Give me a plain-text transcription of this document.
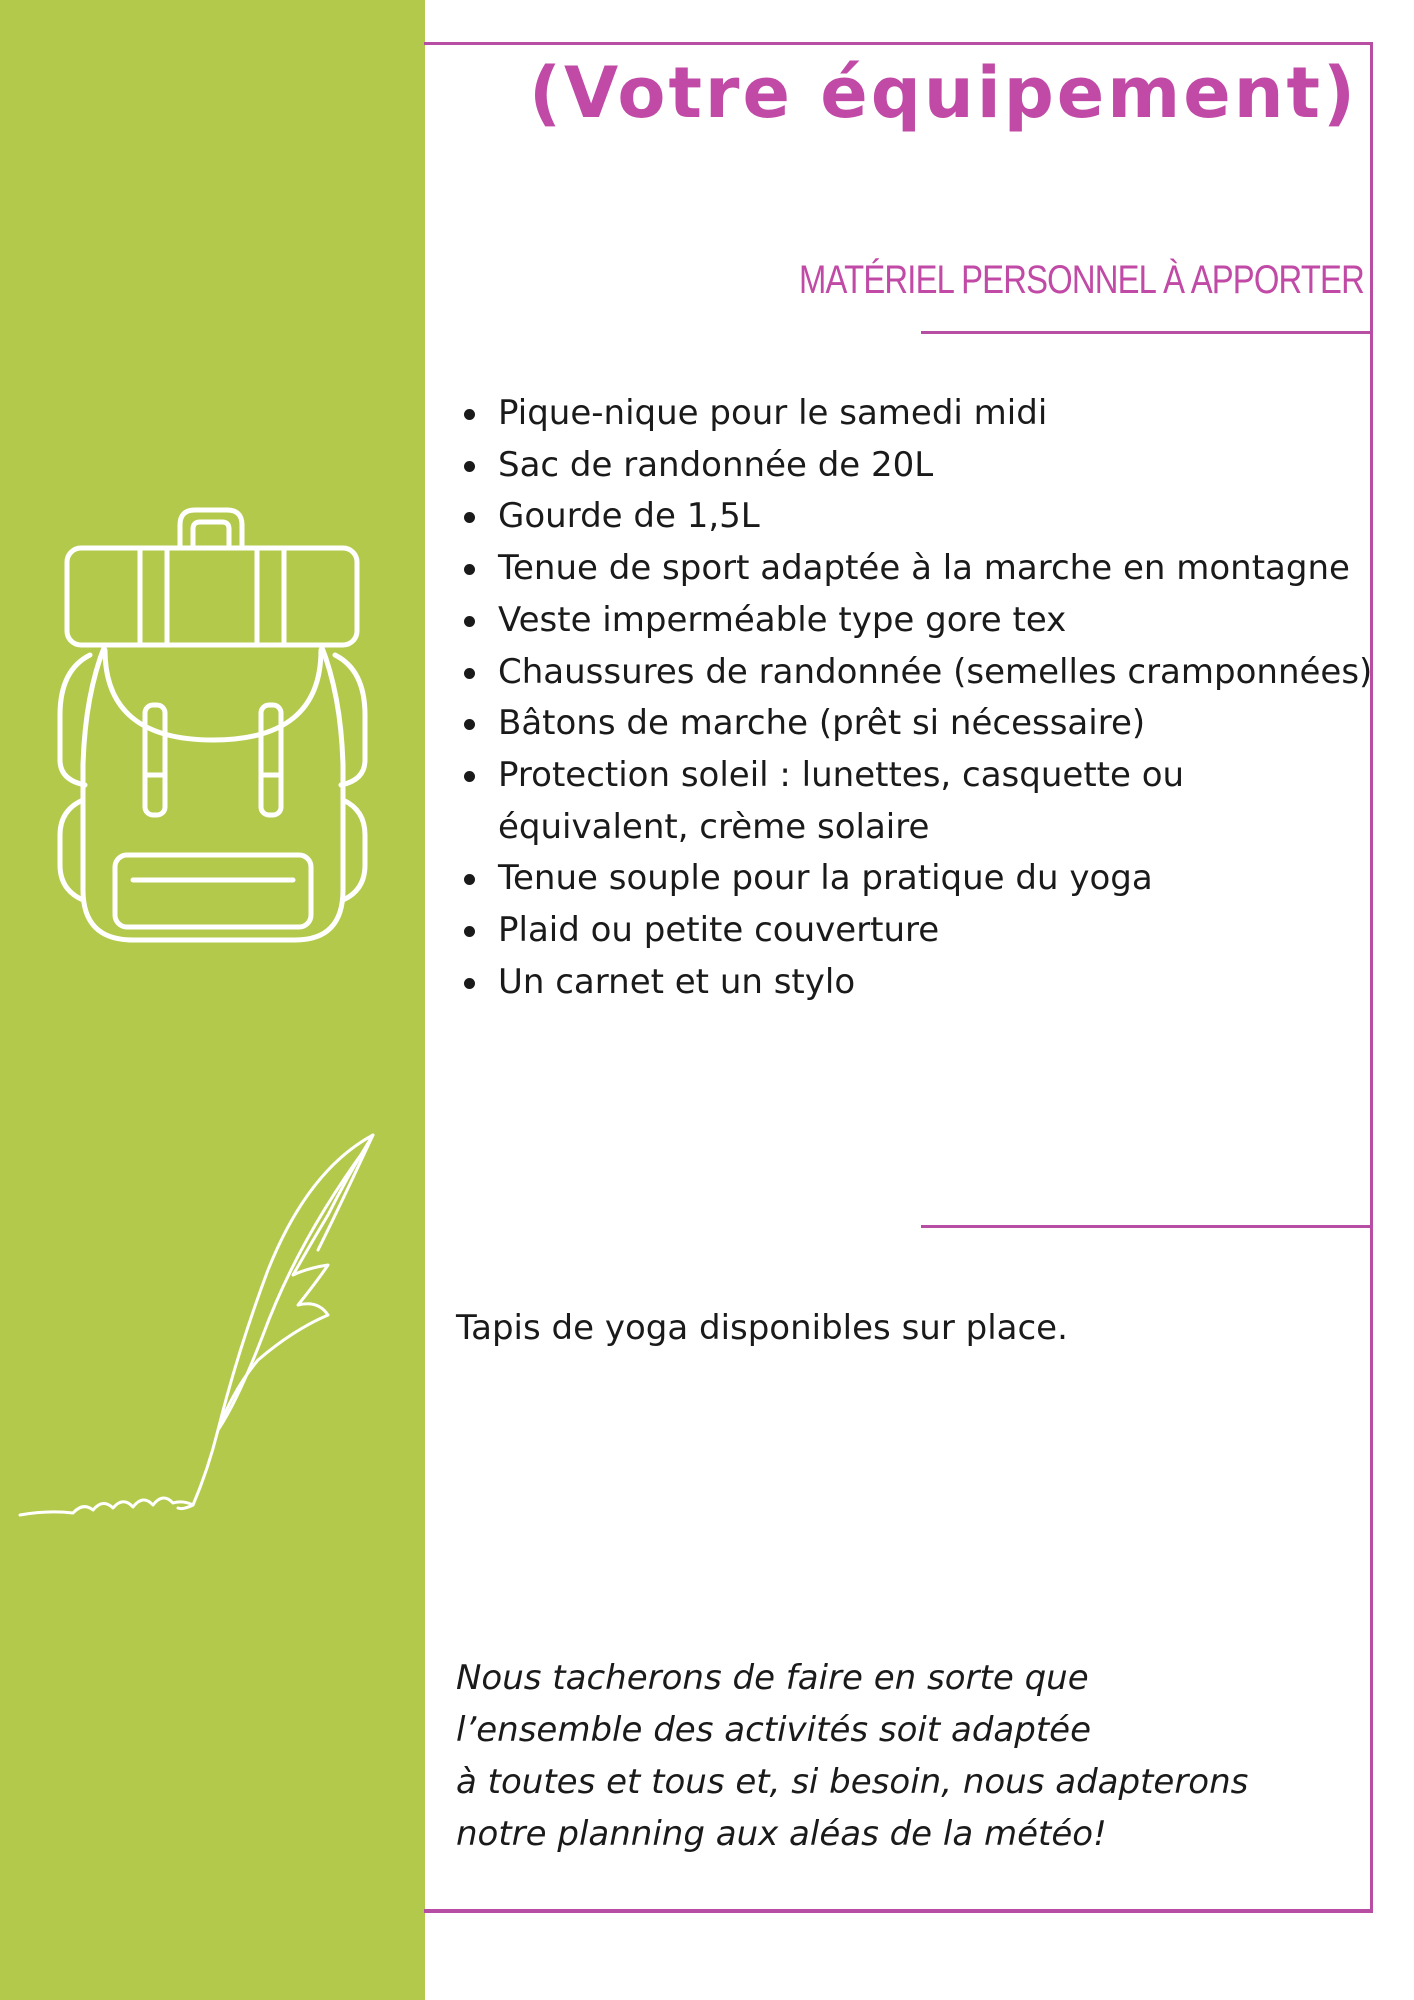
(Votre équipement)
MATÉRIEL PERSONNEL À APPORTER
Pique-nique pour le samedi midi
Sac de randonnée de 20L
Gourde de 1,5L
Tenue de sport adaptée à la marche en montagne
Veste imperméable type gore tex
Chaussures de randonnée (semelles cramponnées)
Bâtons de marche (prêt si nécessaire)
Protection soleil : lunettes, casquette ou équivalent, crème solaire
Tenue souple pour la pratique du yoga
Plaid ou petite couverture
Un carnet et un stylo
Tapis de yoga disponibles sur place.

Nous tacherons de faire en sorte que
l’ensemble des activités soit adaptée
à toutes et tous et, si besoin, nous adapterons
notre planning aux aléas de la météo!
